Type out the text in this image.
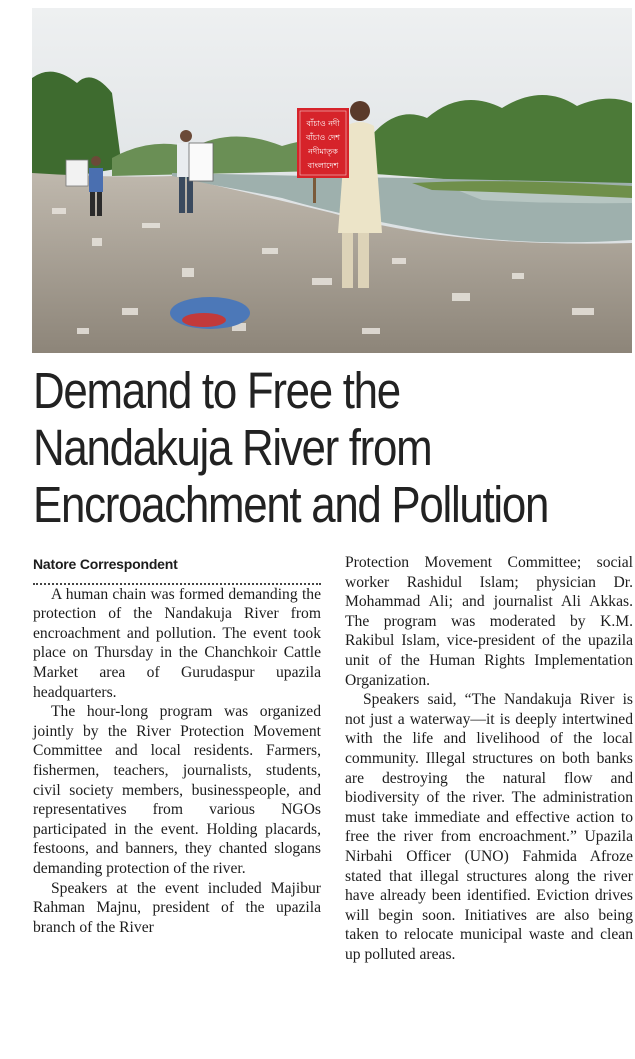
Demand to Free the
Nandakuja River from
Encroachment and Pollution

Natore Correspondent

A human chain was formed demanding the protection of the Nandakuja River from encroachment and pollution. The event took place on Thursday in the Chanchkoir Cattle Market area of Gurudaspur upazila headquarters.

The hour-long program was organized jointly by the River Protection Movement Committee and local residents. Farmers, fishermen, teachers, journalists, students, civil society members, businesspeople, and representatives from various NGOs participated in the event. Holding placards, festoons, and banners, they chanted slogans demanding protection of the river.

Speakers at the event included Majibur Rahman Majnu, president of the upazila branch of the River

Protection Movement Committee; social worker Rashidul Islam; physician Dr. Mohammad Ali; and journalist Ali Akkas. The program was moderated by K.M. Rakibul Islam, vice-president of the upazila unit of the Human Rights Implementation Organization.

Speakers said, “The Nandakuja River is not just a waterway—it is deeply intertwined with the life and livelihood of the local community. Illegal structures on both banks are destroying the natural flow and biodiversity of the river. The administration must take immediate and effective action to free the river from encroachment.” Upazila Nirbahi Officer (UNO) Fahmida Afroze stated that illegal structures along the river have already been identified. Eviction drives will begin soon. Initiatives are also being taken to relocate municipal waste and clean up polluted areas.

বাঁচাও নদী
বাঁচাও দেশ
নদীমাতৃক
বাংলাদেশ
